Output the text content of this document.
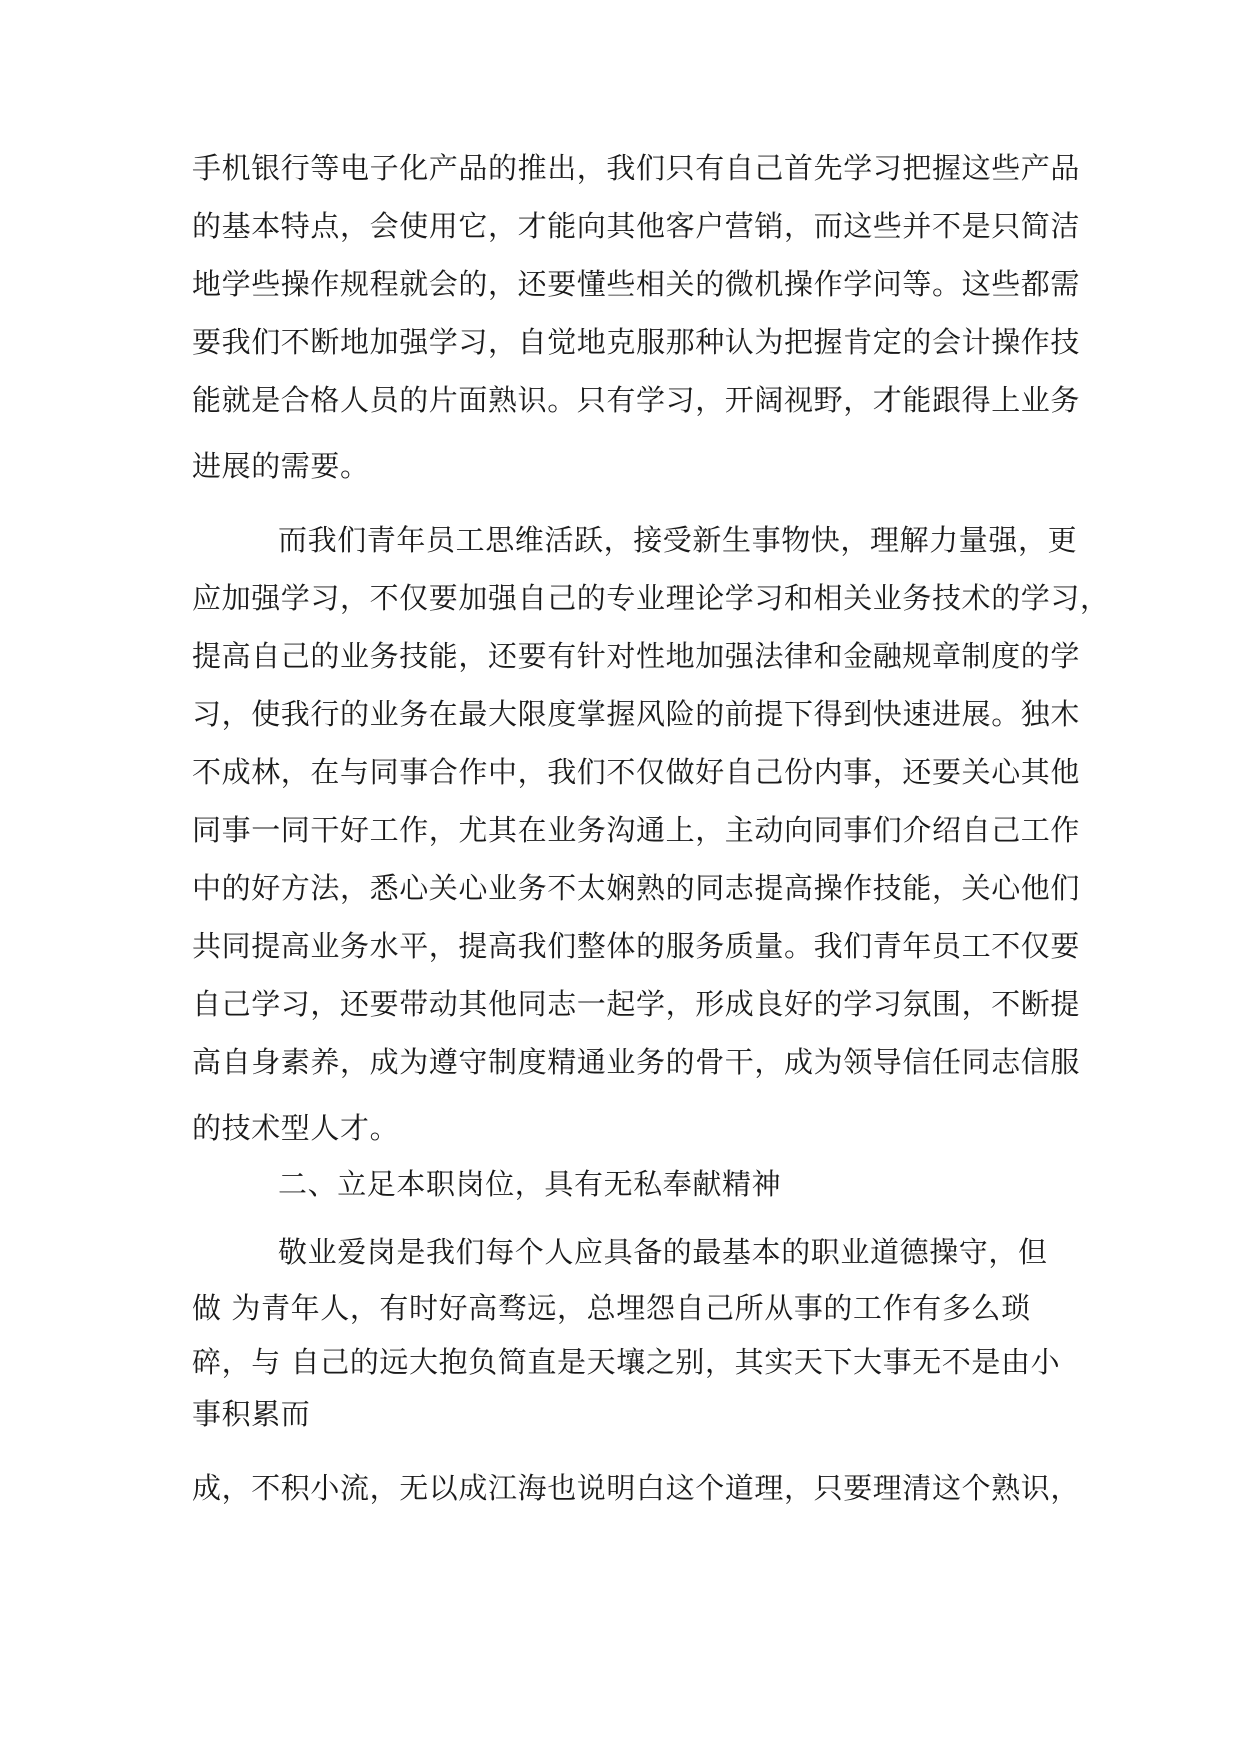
手机银行等电子化产品的推出，我们只有自己首先学习把握这些产品
的基本特点，会使用它，才能向其他客户营销，而这些并不是只简洁
地学些操作规程就会的，还要懂些相关的微机操作学问等。这些都需
要我们不断地加强学习，自觉地克服那种认为把握肯定的会计操作技
能就是合格人员的片面熟识。只有学习，开阔视野，才能跟得上业务
进展的需要。
而我们青年员工思维活跃，接受新生事物快，理解力量强，更
应加强学习，不仅要加强自己的专业理论学习和相关业务技术的学习，
提高自己的业务技能，还要有针对性地加强法律和金融规章制度的学
习，使我行的业务在最大限度掌握风险的前提下得到快速进展。独木
不成林，在与同事合作中，我们不仅做好自己份内事，还要关心其他
同事一同干好工作，尤其在业务沟通上，主动向同事们介绍自己工作
中的好方法，悉心关心业务不太娴熟的同志提高操作技能，关心他们
共同提高业务水平，提高我们整体的服务质量。我们青年员工不仅要
自己学习，还要带动其他同志一起学，形成良好的学习氛围，不断提
高自身素养，成为遵守制度精通业务的骨干，成为领导信任同志信服
的技术型人才。
二、立足本职岗位，具有无私奉献精神
敬业爱岗是我们每个人应具备的最基本的职业道德操守，但
做 为青年人，有时好高骛远，总埋怨自己所从事的工作有多么琐
碎，与 自己的远大抱负简直是天壤之别，其实天下大事无不是由小
事积累而
成，不积小流，无以成江海也说明白这个道理，只要理清这个熟识，
